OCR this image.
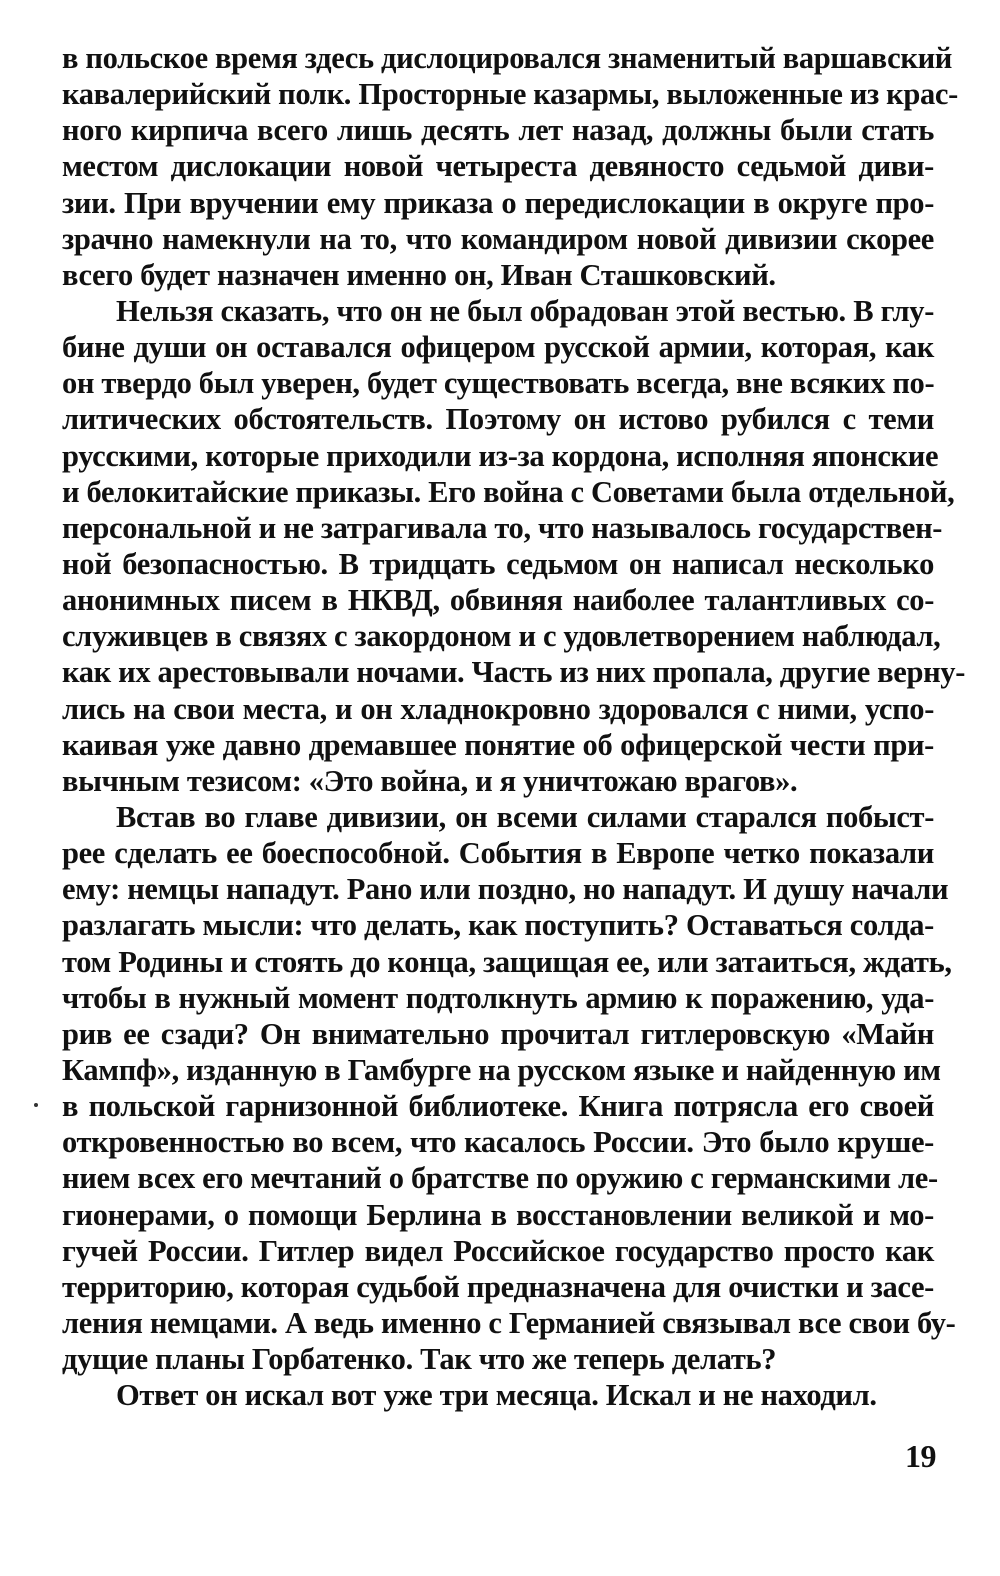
в польское время здесь дислоцировался знаменитый варшавский
кавалерийский полк. Просторные казармы, выложенные из крас-
ного кирпича всего лишь десять лет назад, должны были стать
местом дислокации новой четыреста девяносто седьмой диви-
зии. При вручении ему приказа о передислокации в округе про-
зрачно намекнули на то, что командиром новой дивизии скорее
всего будет назначен именно он, Иван Сташковский.
Нельзя сказать, что он не был обрадован этой вестью. В глу-
бине души он оставался офицером русской армии, которая, как
он твердо был уверен, будет существовать всегда, вне всяких по-
литических обстоятельств. Поэтому он истово рубился с теми
русскими, которые приходили из-за кордона, исполняя японские
и белокитайские приказы. Его война с Советами была отдельной,
персональной и не затрагивала то, что называлось государствен-
ной безопасностью. В тридцать седьмом он написал несколько
анонимных писем в НКВД, обвиняя наиболее талантливых со-
служивцев в связях с закордоном и с удовлетворением наблюдал,
как их арестовывали ночами. Часть из них пропала, другие верну-
лись на свои места, и он хладнокровно здоровался с ними, успо-
каивая уже давно дремавшее понятие об офицерской чести при-
вычным тезисом: «Это война, и я уничтожаю врагов».
Встав во главе дивизии, он всеми силами старался побыст-
рее сделать ее боеспособной. События в Европе четко показали
ему: немцы нападут. Рано или поздно, но нападут. И душу начали
разлагать мысли: что делать, как поступить? Оставаться солда-
том Родины и стоять до конца, защищая ее, или затаиться, ждать,
чтобы в нужный момент подтолкнуть армию к поражению, уда-
рив ее сзади? Он внимательно прочитал гитлеровскую «Майн
Кампф», изданную в Гамбурге на русском языке и найденную им
в польской гарнизонной библиотеке. Книга потрясла его своей
откровенностью во всем, что касалось России. Это было круше-
нием всех его мечтаний о братстве по оружию с германскими ле-
гионерами, о помощи Берлина в восстановлении великой и мо-
гучей России. Гитлер видел Российское государство просто как
территорию, которая судьбой предназначена для очистки и засе-
ления немцами. А ведь именно с Германией связывал все свои бу-
дущие планы Горбатенко. Так что же теперь делать?
Ответ он искал вот уже три месяца. Искал и не находил.
19
